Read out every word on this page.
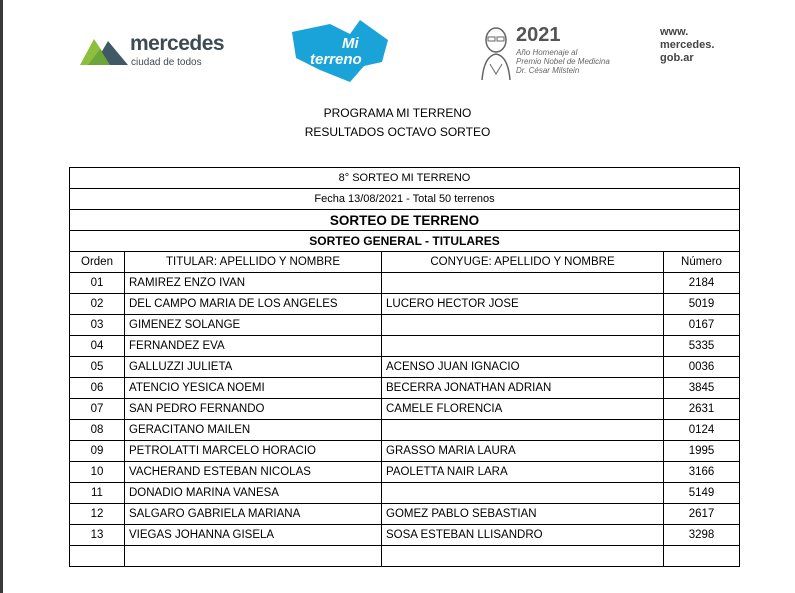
mercedes
ciudad de todos
Mi
terreno
2021
Año Homenaje al
Premio Nobel de Medicina
Dr. César Milstein
www.
mercedes.
gob.ar
PROGRAMA MI TERRENO
RESULTADOS OCTAVO SORTEO
8° SORTEO MI TERRENO			
Fecha 13/08/2021 - Total 50 terrenos			
SORTEO DE TERRENO			
SORTEO GENERAL - TITULARES			
Orden	TITULAR: APELLIDO Y NOMBRE	CONYUGE: APELLIDO Y NOMBRE	Número
01	RAMIREZ ENZO IVAN		2184
02	DEL CAMPO MARIA DE LOS ANGELES	LUCERO HECTOR JOSE	5019
03	GIMENEZ SOLANGE		0167
04	FERNANDEZ EVA		5335
05	GALLUZZI JULIETA	ACENSO JUAN IGNACIO	0036
06	ATENCIO YESICA NOEMI	BECERRA JONATHAN ADRIAN	3845
07	SAN PEDRO FERNANDO	CAMELE FLORENCIA	2631
08	GERACITANO MAILEN		0124
09	PETROLATTI MARCELO HORACIO	GRASSO MARIA LAURA	1995
10	VACHERAND ESTEBAN NICOLAS	PAOLETTA NAIR LARA	3166
11	DONADIO MARINA VANESA		5149
12	SALGARO GABRIELA MARIANA	GOMEZ PABLO SEBASTIAN	2617
13	VIEGAS JOHANNA GISELA	SOSA ESTEBAN LLISANDRO	3298
